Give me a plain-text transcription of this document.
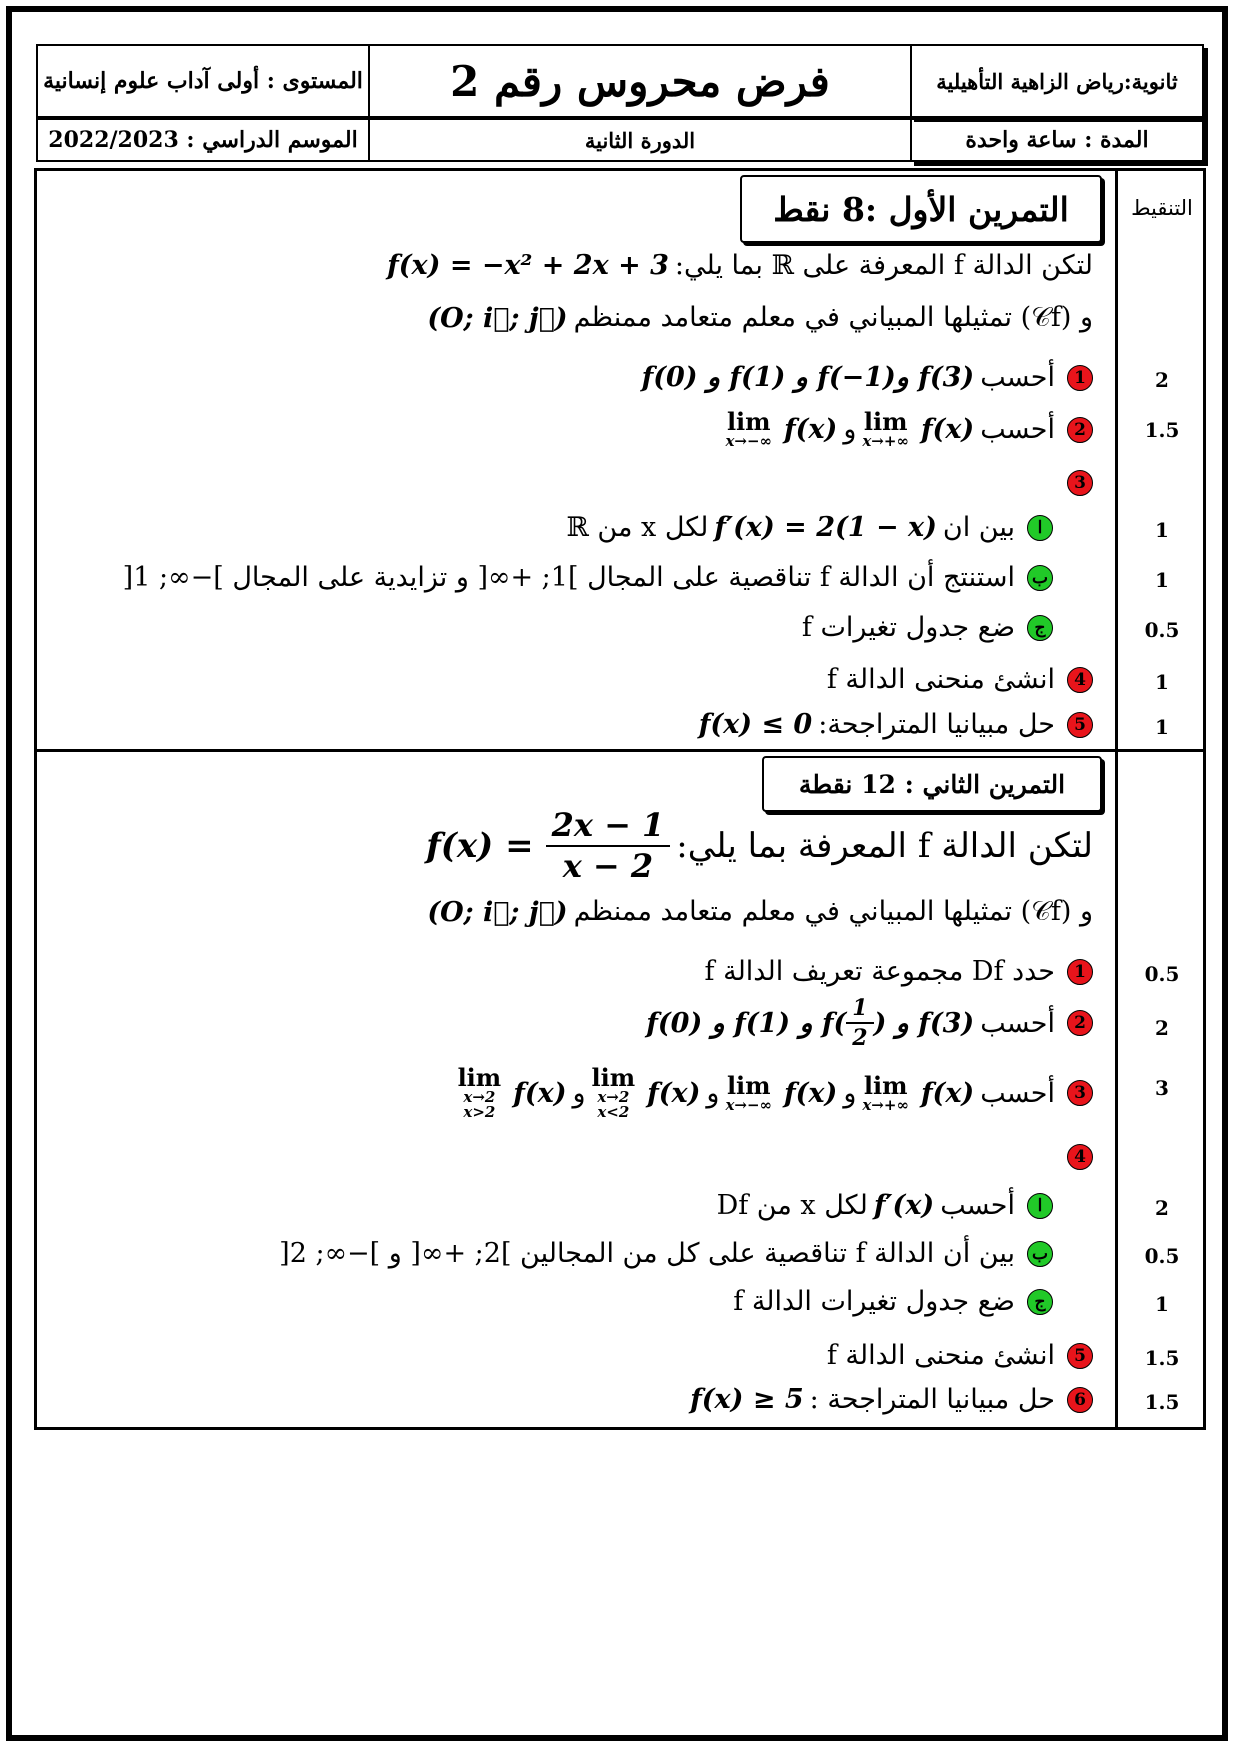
المستوى : أولى آداب علوم إنسانية
الموسم الدراسي : 2022/2023
فرض محروس رقم 2
الدورة الثانية
ثانوية:رياض الزاهية التأهيلية
المدة : ساعة واحدة
التنقيط
التمرين الأول :8 نقط
لتكن الدالة f المعرفة على ℝ بما يلي:
f(x) = −x² + 2x + 3
و (𝒞f) تمثيلها المبياني في معلم متعامد ممنظم
(O; i⃗; j⃗)
1
أحسب
f(0) و f(1) و f(−1)و f(3)
2
أحسب
f(x)
lim
x→+∞
و
f(x)
lim
x→−∞
3
ا
بين ان
f′(x) = 2(1 − x)
لكل x من ℝ
ب
استنتج أن الدالة f تناقصية على المجال ]1; +∞[ و تزايدية على المجال ]−∞; 1[
ج
ضع جدول تغيرات f
4
انشئ منحنى الدالة f
5
حل مبيانيا المتراجحة:
f(x) ≤ 0
2
1.5
1
1
0.5
1
1
التمرين الثاني : 12 نقطة
لتكن الدالة f المعرفة بما يلي:
$\frac{2x - 1}{x - 2}$
f(x) =
و (𝒞f) تمثيلها المبياني في معلم متعامد ممنظم
(O; i⃗; j⃗)
1
حدد Df مجموعة تعريف الدالة f
2
أحسب
f(0) و f(1) و $f( \frac{1}{2}$ ) و f(3)
3
أحسب
f(x)
lim
x→+∞
و
f(x)
lim
x→−∞
و
f(x)
lim
x→2
x<2
و
f(x)
lim
x→2
x>2
4
ا
أحسب
f′(x)
لكل x من Df
ب
بين أن الدالة f تناقصية على كل من المجالين ]2; +∞[ و ]−∞; 2[
ج
ضع جدول تغيرات الدالة f
5
انشئ منحنى الدالة f
6
حل مبيانيا المتراجحة :
f(x) ≥ 5
0.5
2
3
2
0.5
1
1.5
1.5
